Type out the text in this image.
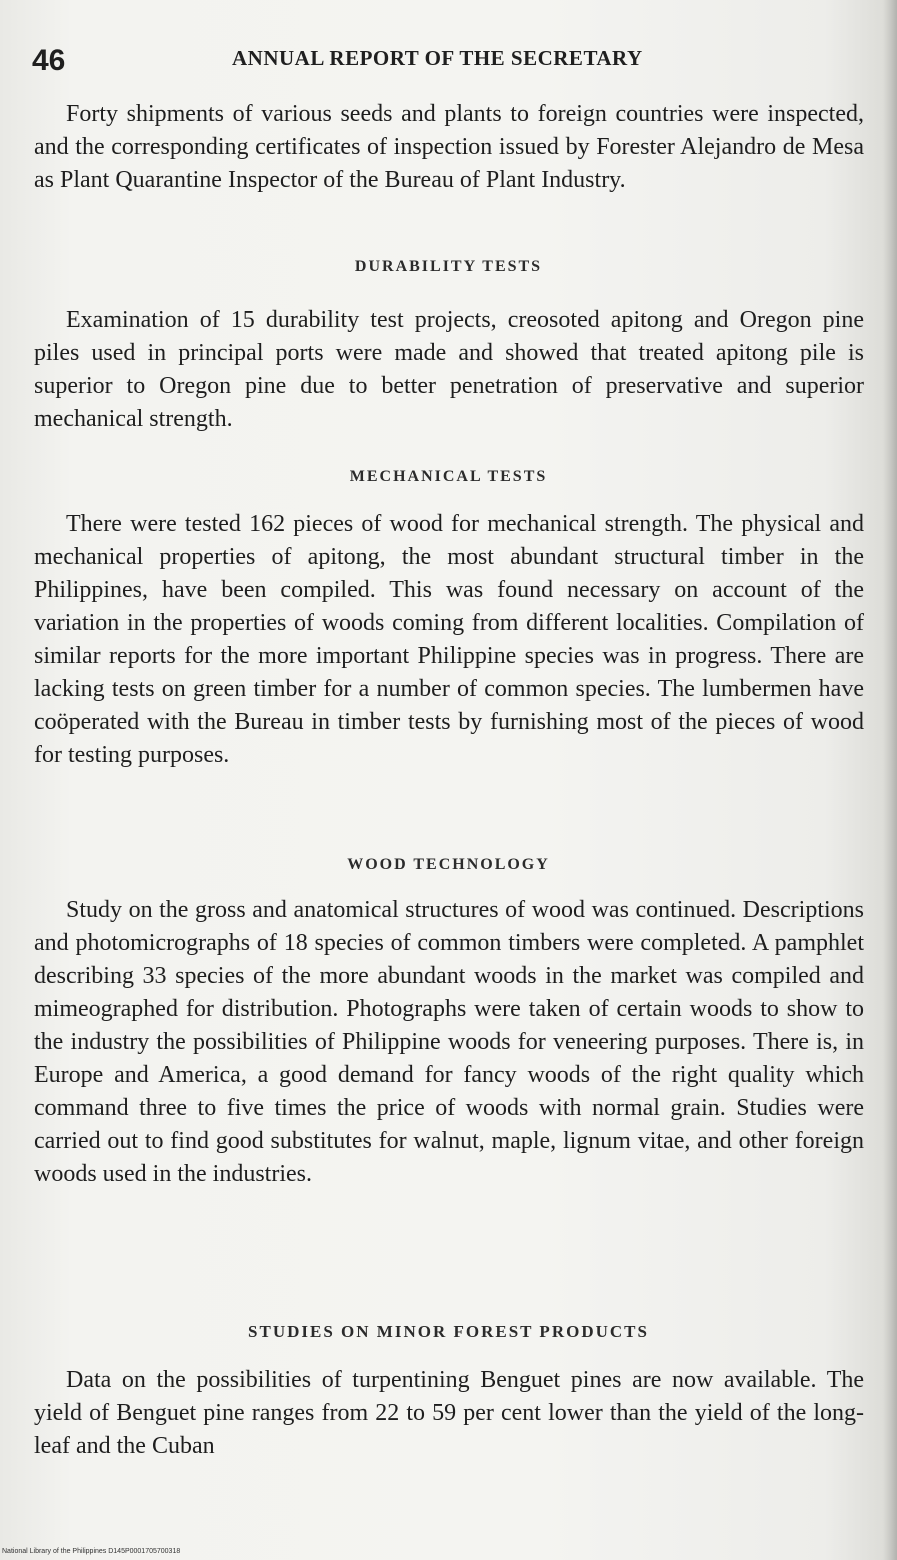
46	ANNUAL REPORT OF THE SECRETARY
Forty shipments of various seeds and plants to foreign countries were inspected, and the corresponding certificates of inspection issued by Forester Alejandro de Mesa as Plant Quarantine Inspector of the Bureau of Plant Industry.
DURABILITY TESTS
Examination of 15 durability test projects, creosoted apitong and Oregon pine piles used in principal ports were made and showed that treated apitong pile is superior to Oregon pine due to better penetration of preservative and superior mechanical strength.
MECHANICAL TESTS
There were tested 162 pieces of wood for mechanical strength. The physical and mechanical properties of apitong, the most abundant structural timber in the Philippines, have been compiled. This was found necessary on account of the variation in the properties of woods coming from different localities. Compilation of similar reports for the more important Philippine species was in progress. There are lacking tests on green timber for a number of common species. The lumbermen have coöperated with the Bureau in timber tests by furnishing most of the pieces of wood for testing purposes.
WOOD TECHNOLOGY
Study on the gross and anatomical structures of wood was continued. Descriptions and photomicrographs of 18 species of common timbers were completed. A pamphlet describing 33 species of the more abundant woods in the market was compiled and mimeographed for distribution. Photographs were taken of certain woods to show to the industry the possibilities of Philippine woods for veneering purposes. There is, in Europe and America, a good demand for fancy woods of the right quality which command three to five times the price of woods with normal grain. Studies were carried out to find good substitutes for walnut, maple, lignum vitae, and other foreign woods used in the industries.
STUDIES ON MINOR FOREST PRODUCTS
Data on the possibilities of turpentining Benguet pines are now available. The yield of Benguet pine ranges from 22 to 59 per cent lower than the yield of the long-leaf and the Cuban
National Library of the Philippines D145P0001705700318
